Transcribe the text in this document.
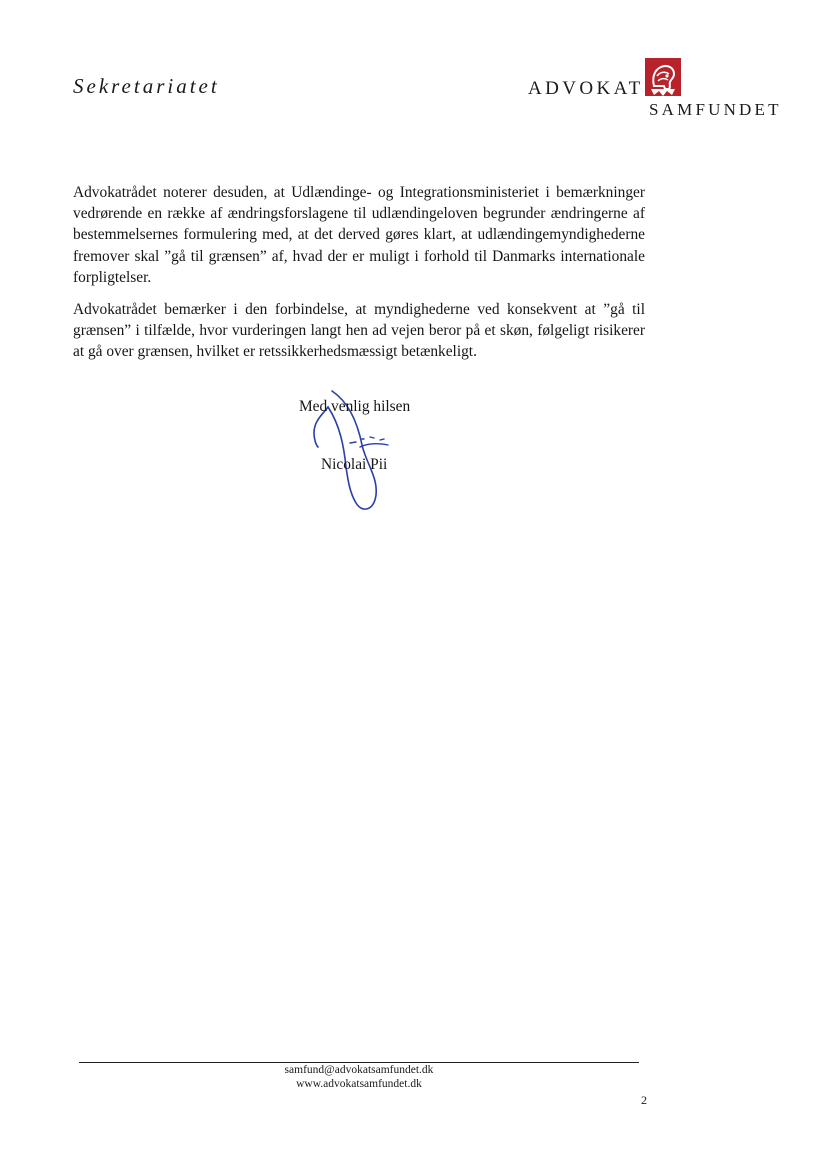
Sekretariatet	ADVOKAT
SAMFUNDET

Advokatrådet noterer desuden, at Udlændinge- og Integrationsministeriet i bemærkninger vedrørende en række af ændringsforslagene til udlændingeloven begrunder ændringerne af bestemmelsernes formulering med, at det derved gøres klart, at udlændingemyndighederne fremover skal ”gå til grænsen” af, hvad der er muligt i forhold til Danmarks internationale forpligtelser.

Advokatrådet bemærker i den forbindelse, at myndighederne ved konsekvent at ”gå til grænsen” i tilfælde, hvor vurderingen langt hen ad vejen beror på et skøn, følgeligt risikerer at gå over grænsen, hvilket er retssikkerhedsmæssigt betænkeligt.

Med venlig hilsen
Nicolai Pii
samfund@advokatsamfundet.dk
www.advokatsamfundet.dk
2
